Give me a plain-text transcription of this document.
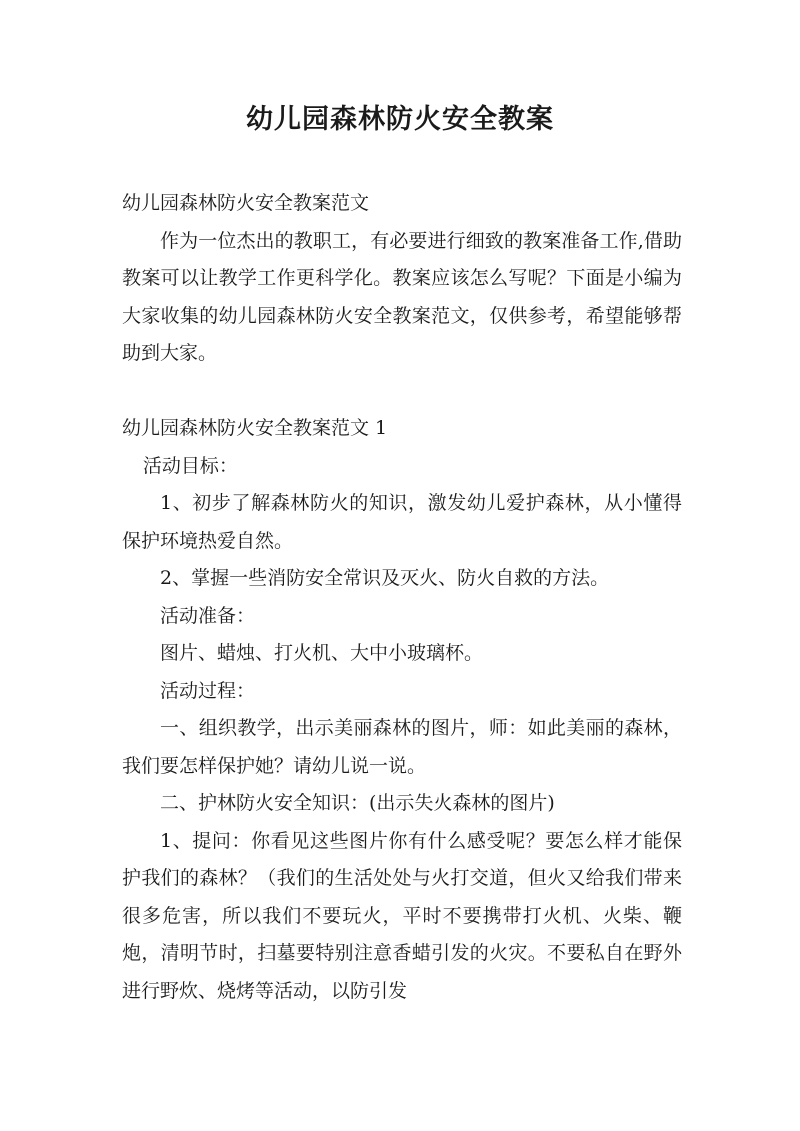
幼儿园森林防火安全教案

幼儿园森林防火安全教案范文

作为一位杰出的教职工，有必要进行细致的教案准备工作,借助教案可以让教学工作更科学化。教案应该怎么写呢？下面是小编为大家收集的幼儿园森林防火安全教案范文，仅供参考，希望能够帮助到大家。

幼儿园森林防火安全教案范文 1

活动目标：

1、初步了解森林防火的知识，激发幼儿爱护森林，从小懂得保护环境热爱自然。

2、掌握一些消防安全常识及灭火、防火自救的方法。

活动准备：

图片、蜡烛、打火机、大中小玻璃杯。

活动过程：

一、组织教学，出示美丽森林的图片，师：如此美丽的森林，我们要怎样保护她？请幼儿说一说。

二、护林防火安全知识：(出示失火森林的图片)

1、提问：你看见这些图片你有什么感受呢？要怎么样才能保护我们的森林？（我们的生活处处与火打交道，但火又给我们带来很多危害，所以我们不要玩火，平时不要携带打火机、火柴、鞭炮，清明节时，扫墓要特别注意香蜡引发的火灾。不要私自在野外进行野炊、烧烤等活动，以防引发
